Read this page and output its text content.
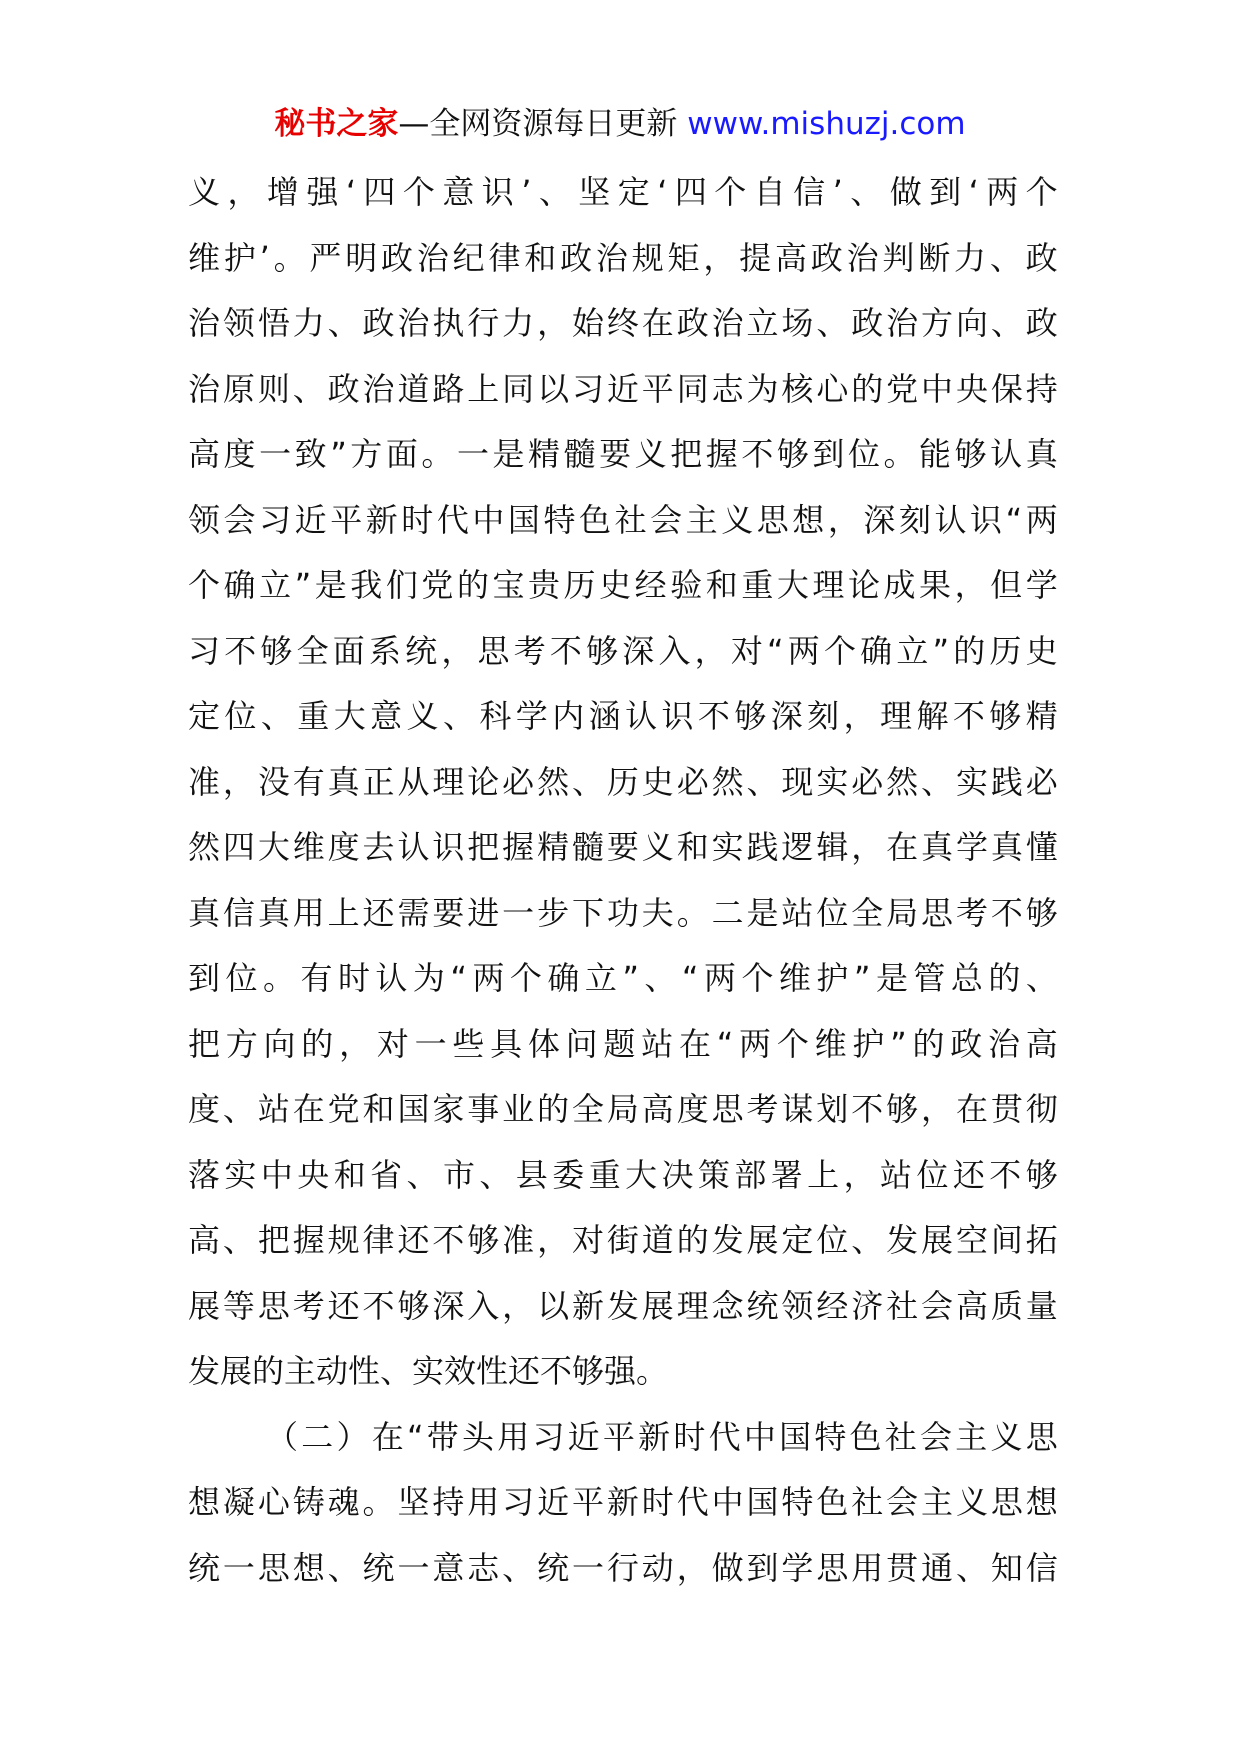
秘书之家—全网资源每日更新 www.mishuzj.com
义 ， 增 强 ‘ 四 个 意 识 ’ 、 坚 定 ‘ 四 个 自 信 ’ 、 做 到 ‘ 两 个
维 护 ’ 。 严 明 政 治 纪 律 和 政 治 规 矩 ， 提 高 政 治 判 断 力 、 政
治 领 悟 力 、 政 治 执 行 力 ， 始 终 在 政 治 立 场 、 政 治 方 向 、 政
治 原 则 、 政 治 道 路 上 同 以 习 近 平 同 志 为 核 心 的 党 中 央 保 持
高 度 一 致 ” 方 面 。 一 是 精 髓 要 义 把 握 不 够 到 位 。 能 够 认 真
领 会 习 近 平 新 时 代 中 国 特 色 社 会 主 义 思 想 ， 深 刻 认 识 “ 两
个 确 立 ” 是 我 们 党 的 宝 贵 历 史 经 验 和 重 大 理 论 成 果 ， 但 学
习 不 够 全 面 系 统 ， 思 考 不 够 深 入 ， 对 “ 两 个 确 立 ” 的 历 史
定 位 、 重 大 意 义 、 科 学 内 涵 认 识 不 够 深 刻 ， 理 解 不 够 精
准 ， 没 有 真 正 从 理 论 必 然 、 历 史 必 然 、 现 实 必 然 、 实 践 必
然 四 大 维 度 去 认 识 把 握 精 髓 要 义 和 实 践 逻 辑 ， 在 真 学 真 懂
真 信 真 用 上 还 需 要 进 一 步 下 功 夫 。 二 是 站 位 全 局 思 考 不 够
到 位 。 有 时 认 为 “ 两 个 确 立 ” 、 “ 两 个 维 护 ” 是 管 总 的 、
把 方 向 的 ， 对 一 些 具 体 问 题 站 在 “ 两 个 维 护 ” 的 政 治 高
度 、 站 在 党 和 国 家 事 业 的 全 局 高 度 思 考 谋 划 不 够 ， 在 贯 彻
落 实 中 央 和 省 、 市 、 县 委 重 大 决 策 部 署 上 ， 站 位 还 不 够
高 、 把 握 规 律 还 不 够 准 ， 对 街 道 的 发 展 定 位 、 发 展 空 间 拓
展 等 思 考 还 不 够 深 入 ， 以 新 发 展 理 念 统 领 经 济 社 会 高 质 量
发展的主动性、实效性还不够强。
（ 二 ） 在 “ 带 头 用 习 近 平 新 时 代 中 国 特 色 社 会 主 义 思
想 凝 心 铸 魂 。 坚 持 用 习 近 平 新 时 代 中 国 特 色 社 会 主 义 思 想
统 一 思 想 、 统 一 意 志 、 统 一 行 动 ， 做 到 学 思 用 贯 通 、 知 信
